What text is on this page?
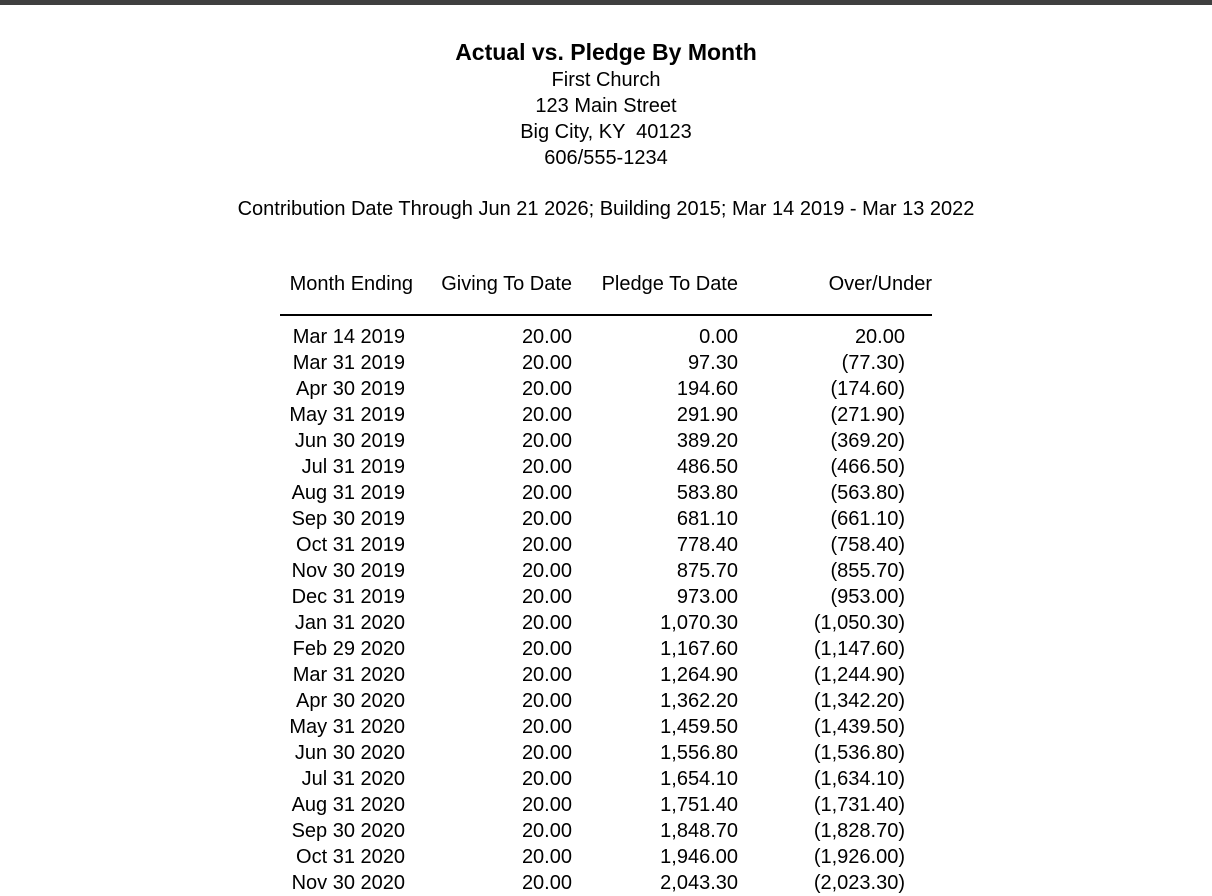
Actual vs. Pledge By Month
First Church
123 Main Street
Big City, KY  40123
606/555-1234
Contribution Date Through Jun 21 2026; Building 2015; Mar 14 2019 - Mar 13 2022
Month Ending	Giving To Date	Pledge To Date	Over/Under
Mar 14 2019	20.00	0.00	20.00
Mar 31 2019	20.00	97.30	(77.30)
Apr 30 2019	20.00	194.60	(174.60)
May 31 2019	20.00	291.90	(271.90)
Jun 30 2019	20.00	389.20	(369.20)
Jul 31 2019	20.00	486.50	(466.50)
Aug 31 2019	20.00	583.80	(563.80)
Sep 30 2019	20.00	681.10	(661.10)
Oct 31 2019	20.00	778.40	(758.40)
Nov 30 2019	20.00	875.70	(855.70)
Dec 31 2019	20.00	973.00	(953.00)
Jan 31 2020	20.00	1,070.30	(1,050.30)
Feb 29 2020	20.00	1,167.60	(1,147.60)
Mar 31 2020	20.00	1,264.90	(1,244.90)
Apr 30 2020	20.00	1,362.20	(1,342.20)
May 31 2020	20.00	1,459.50	(1,439.50)
Jun 30 2020	20.00	1,556.80	(1,536.80)
Jul 31 2020	20.00	1,654.10	(1,634.10)
Aug 31 2020	20.00	1,751.40	(1,731.40)
Sep 30 2020	20.00	1,848.70	(1,828.70)
Oct 31 2020	20.00	1,946.00	(1,926.00)
Nov 30 2020	20.00	2,043.30	(2,023.30)
